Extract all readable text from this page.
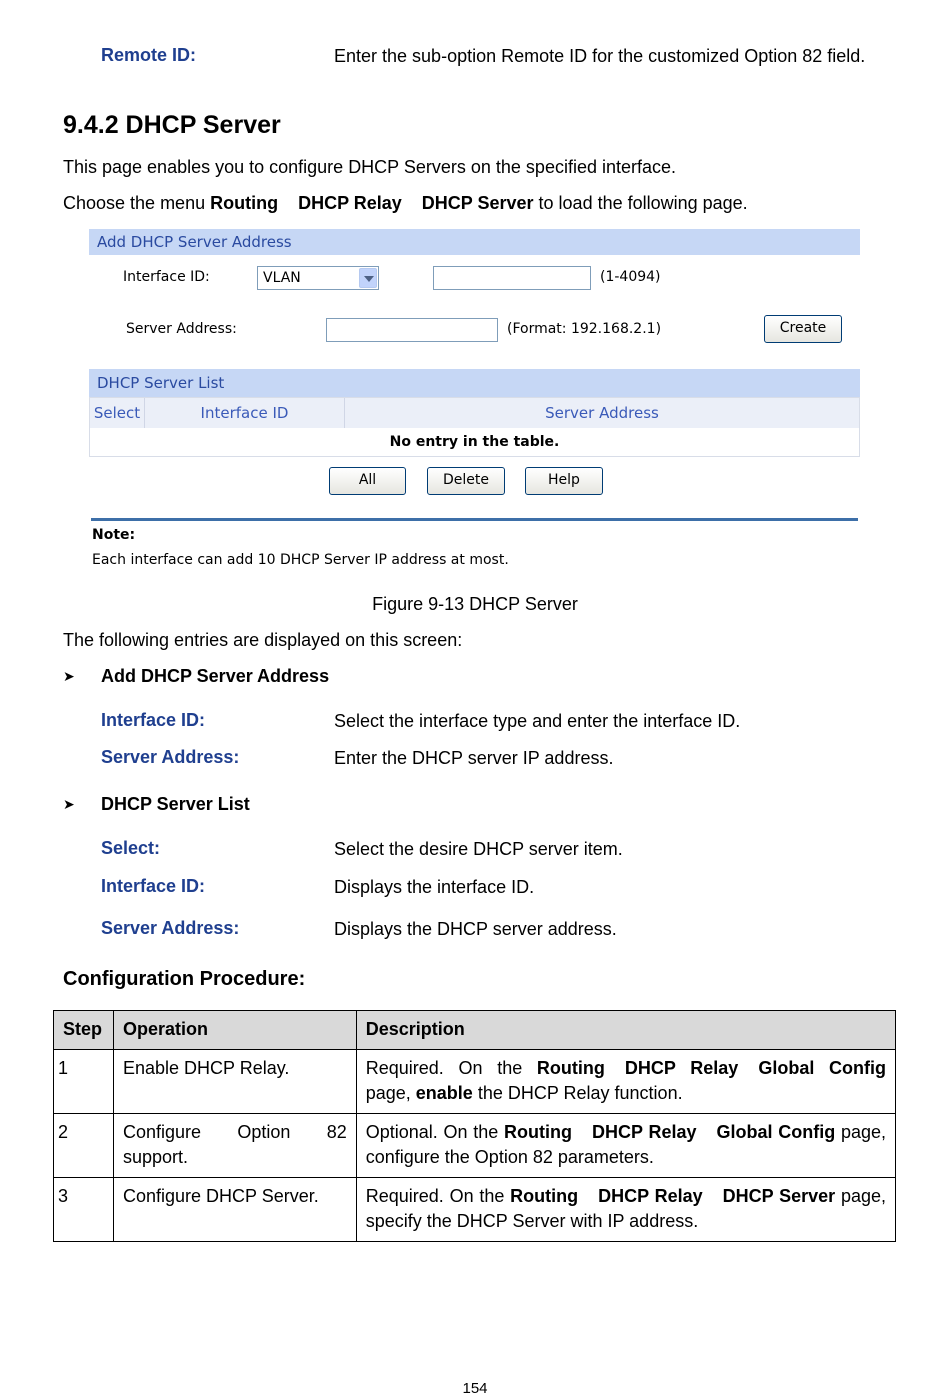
Remote ID:	Enter the sub-option Remote ID for the customized Option 82 field.
9.4.2 DHCP Server
This page enables you to configure DHCP Servers on the specified interface.
Choose the menu Routing DHCP Relay DHCP Server to load the following page.
Add DHCP Server Address
Interface ID:	VLAN	(1-4094)
Server Address:	(Format: 192.168.2.1)	Create
DHCP Server List
Select	Interface ID	Server Address
No entry in the table.
All	Delete	Help
Note:
Each interface can add 10 DHCP Server IP address at most.
Figure 9-13 DHCP Server
The following entries are displayed on this screen:
➤ Add DHCP Server Address
Interface ID:	Select the interface type and enter the interface ID.
Server Address:	Enter the DHCP server IP address.
➤ DHCP Server List
Select:	Select the desire DHCP server item.
Interface ID:	Displays the interface ID.
Server Address:	Displays the DHCP server address.
Configuration Procedure:
Step	Operation	Description
1	Enable DHCP Relay.	Required. On the Routing DHCP Relay Global Config page, enable the DHCP Relay function.
2	Configure Option 82 support.	Optional. On the Routing DHCP Relay Global Config page, configure the Option 82 parameters.
3	Configure DHCP Server.	Required. On the Routing DHCP Relay DHCP Server page, specify the DHCP Server with IP address.
154
